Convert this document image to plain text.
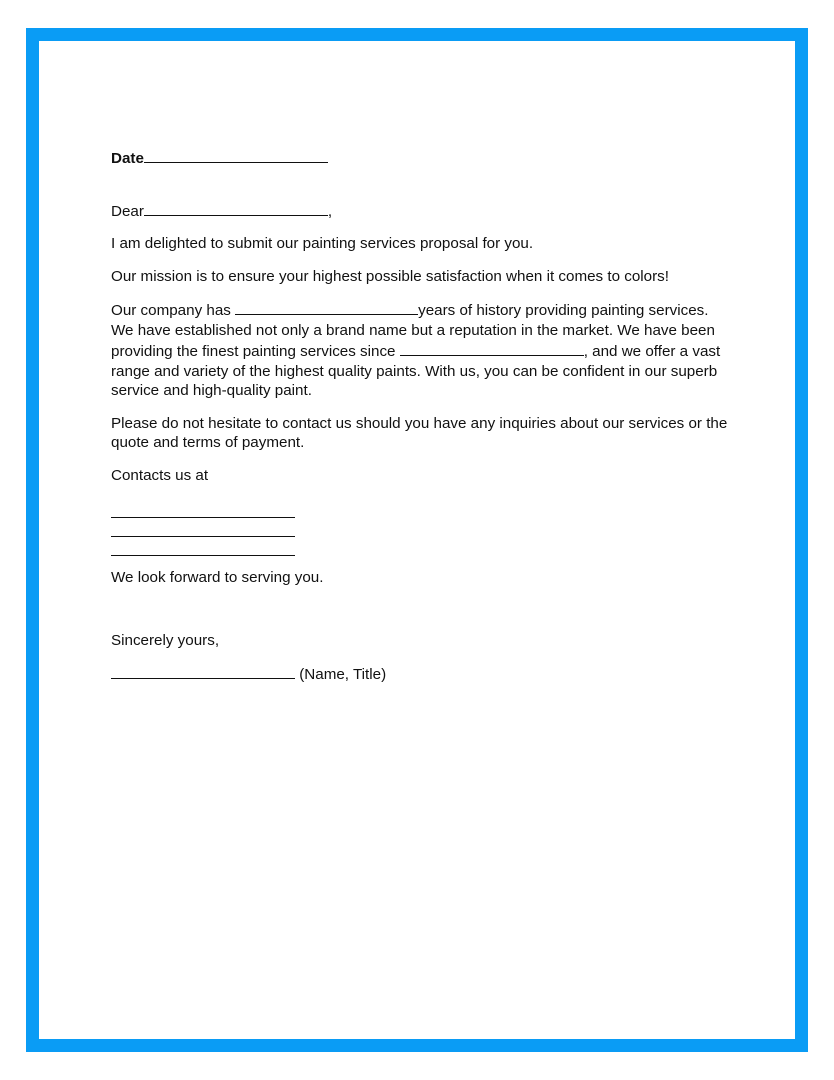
Date

Dear	,

I am delighted to submit our painting services proposal for you.

Our mission is to ensure your highest possible satisfaction when it comes to colors!

Our company has	years of history providing painting services. We have established not only a brand name but a reputation in the market. We have been providing the finest painting services since	, and we offer a vast range and variety of the highest quality paints. With us, you can be confident in our superb service and high-quality paint.

Please do not hesitate to contact us should you have any inquiries about our services or the quote and terms of payment.

Contacts us at

We look forward to serving you.

Sincerely yours,

(Name, Title)
